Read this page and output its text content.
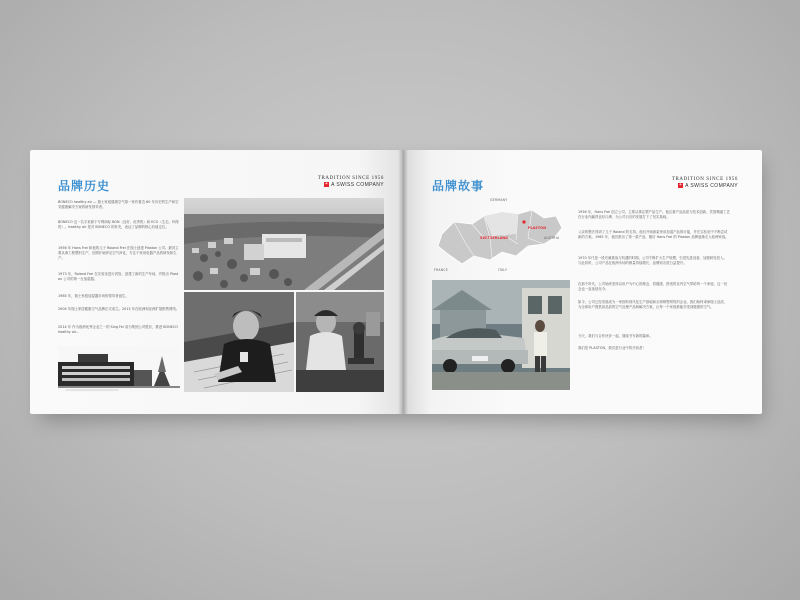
品牌历史
TRADITION SINCE 1956
+ A SWISS COMPANY

BONECO healthy air — 瑞士家庭健康空气第一家有着近 60 年历史的生产和空気健康解决方案的研发领导者。

BONECO 这一名字来源于专利商标 BON（良好、优秀的）和 ECO（生态、环保的）。healthy air 是对 BONECO 的补充，表达了品牌的核心价值定位。

1956 年 Hans Frei 和他的儿子 Roland Frei 在瑞士创建 Plaston 公司。最初主要从事工程塑料生产，后期开始涉足空气净化，专注于家用电器产品的研发和生产。

1973 年，Roland Frei 在实验室进行试验，创建了新的生产车间，并推出 Plaston 公司的第一台加湿器。

1985 年，瑞士家庭加湿器市场的领导者诞生。

2004 年瑞士家居健康空气品牌正式成立。2013 年在欧洲和亚洲扩展销售网络。

2014 年 作为欧洲优秀企业之一的 Sing Fei 成为集团公司股东，推进 BONECO healthy air...

品牌故事	TRADITION SINCE 1956
+ A SWISS COMPANY
GERMANY
PLASTON
AUSTRIA
SWITZERLAND
FRANCE	ITALY

1956 年，Hans Frei 创立公司，主要从事注塑产品生产。他注重产品品质与技术创新，凭借精湛工艺在行业内赢得良好口碑，为公司日后的发展打下了坚实基础。

父亲的想法得到了儿子 Roland 的支持，他们开始探索家用加湿产品的可能，并在实验室中不断尝试新的方案。1965 年，他们推出了第一款产品，随后 Hans Frei 的 Plaston 品牌逐渐走入欧洲家庭。

1970 年代是一段充满挑战与机遇的时期。公司不断扩大生产规模，引进先进设备，加强研发投入。与此同时，公司产品在欧洲市场的销量持续增长，品牌知名度日益提升。

在那个时代，公司始终坚持以用户为中心的理念，将健康、舒适的室内空气带给每一个家庭，这一信念也一直延续至今。

如今，公司已经发展成为一家拥有现代化生产基地和全球销售网络的企业。我们始终秉承瑞士品质，为全球用户提供高品质的空气处理产品和解决方案，让每一个家庭都能享受到健康的空气。

今天，我们与合作伙伴一起，继续书写新的篇章。

我们是 PLASTON，我们是行业中的开拓者！
